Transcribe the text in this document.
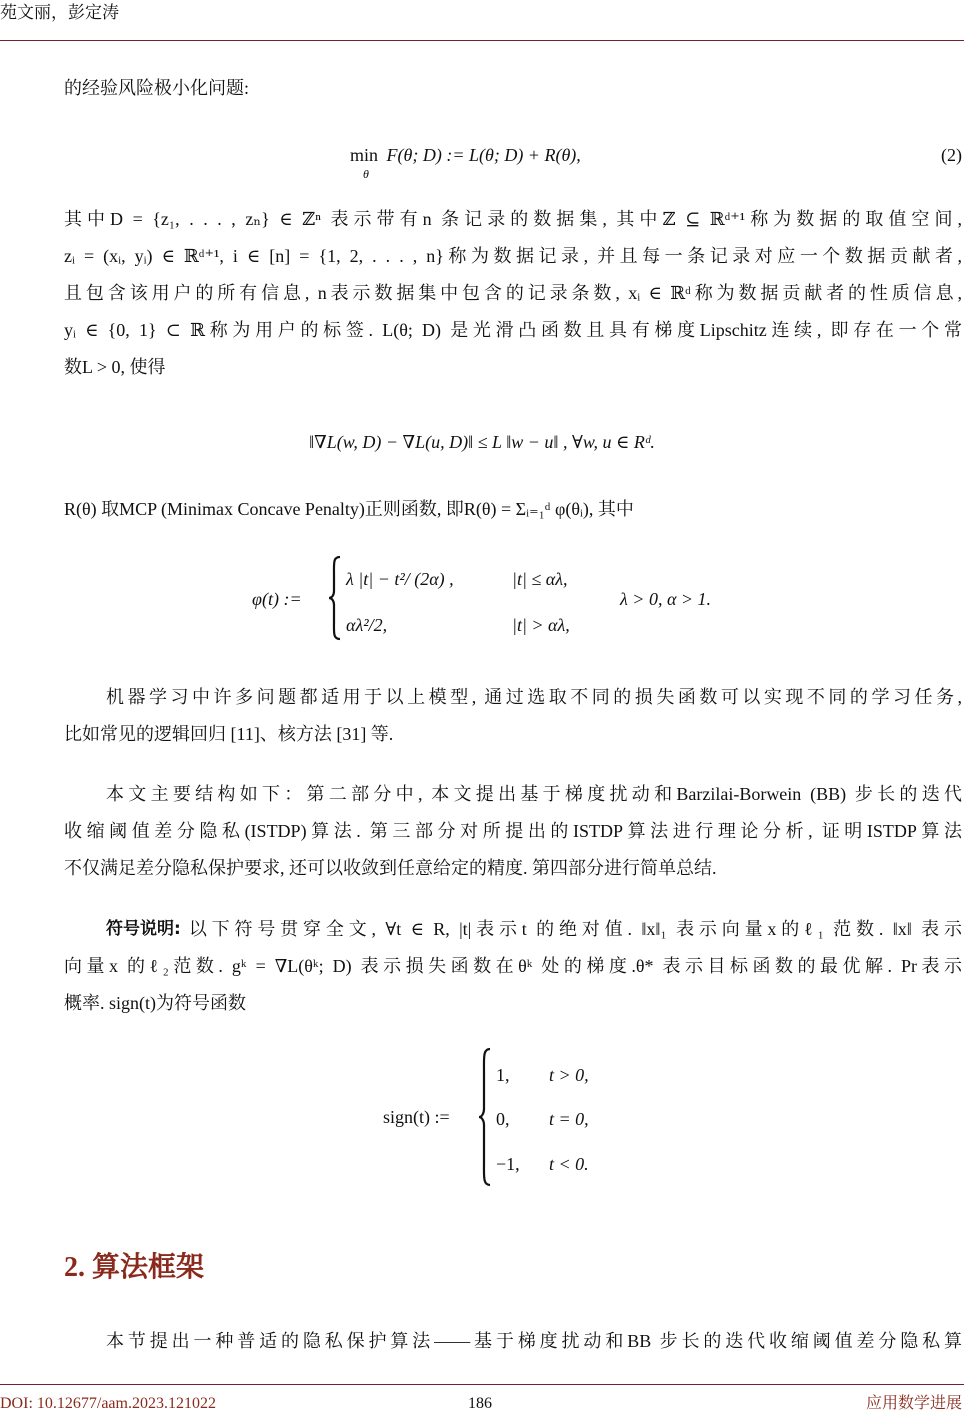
苑文丽，彭定涛
的经验风险极小化问题:
min F(θ; D) := L(θ; D) + R(θ),
θ
(2)
其中D = {z₁, . . . , zₙ} ∈ ℤⁿ 表示带有n 条记录的数据集, 其中ℤ ⊆ ℝᵈ⁺¹称为数据的取值空间,
zᵢ = (xᵢ, yᵢ) ∈ ℝᵈ⁺¹, i ∈ [n] = {1, 2, . . . , n}称为数据记录, 并且每一条记录对应一个数据贡献者,
且包含该用户的所有信息, n表示数据集中包含的记录条数, xᵢ ∈ ℝᵈ称为数据贡献者的性质信息,
yᵢ ∈ {0, 1} ⊂ ℝ称为用户的标签. L(θ; D) 是光滑凸函数且具有梯度Lipschitz连续, 即存在一个常
数L > 0, 使得
‖∇L(w, D) − ∇L(u, D)‖ ≤ L ‖w − u‖ , ∀w, u ∈ Rᵈ.
R(θ) 取MCP (Minimax Concave Penalty)正则函数, 即R(θ) = Σᵢ₌₁ᵈ φ(θᵢ), 其中
φ(t) :=
λ |t| − t²/ (2α) ,	|t| ≤ αλ,
αλ²/2,	|t| > αλ,
λ > 0, α > 1.
机器学习中许多问题都适用于以上模型, 通过选取不同的损失函数可以实现不同的学习任务,
比如常见的逻辑回归 [11]、核方法 [31] 等.
本文主要结构如下：第二部分中, 本文提出基于梯度扰动和Barzilai-Borwein (BB) 步长的迭代
收缩阈值差分隐私(ISTDP)算法. 第三部分对所提出的ISTDP算法进行理论分析, 证明ISTDP算法
不仅满足差分隐私保护要求, 还可以收敛到任意给定的精度. 第四部分进行简单总结.
符号说明: 以下符号贯穿全文, ∀t ∈ R, |t|表示t 的绝对值. ‖x‖₁ 表示向量x的ℓ₁ 范数. ‖x‖ 表示
向量x 的ℓ₂范数. gᵏ = ∇L(θᵏ; D) 表示损失函数在θᵏ 处的梯度.θ* 表示目标函数的最优解. Pr表示
概率. sign(t)为符号函数
sign(t) :=
1, t > 0,
0, t = 0,
−1, t < 0.
2. 算法框架
本节提出一种普适的隐私保护算法——基于梯度扰动和BB 步长的迭代收缩阈值差分隐私算
DOI: 10.12677/aam.2023.121022	186	应用数学进展
